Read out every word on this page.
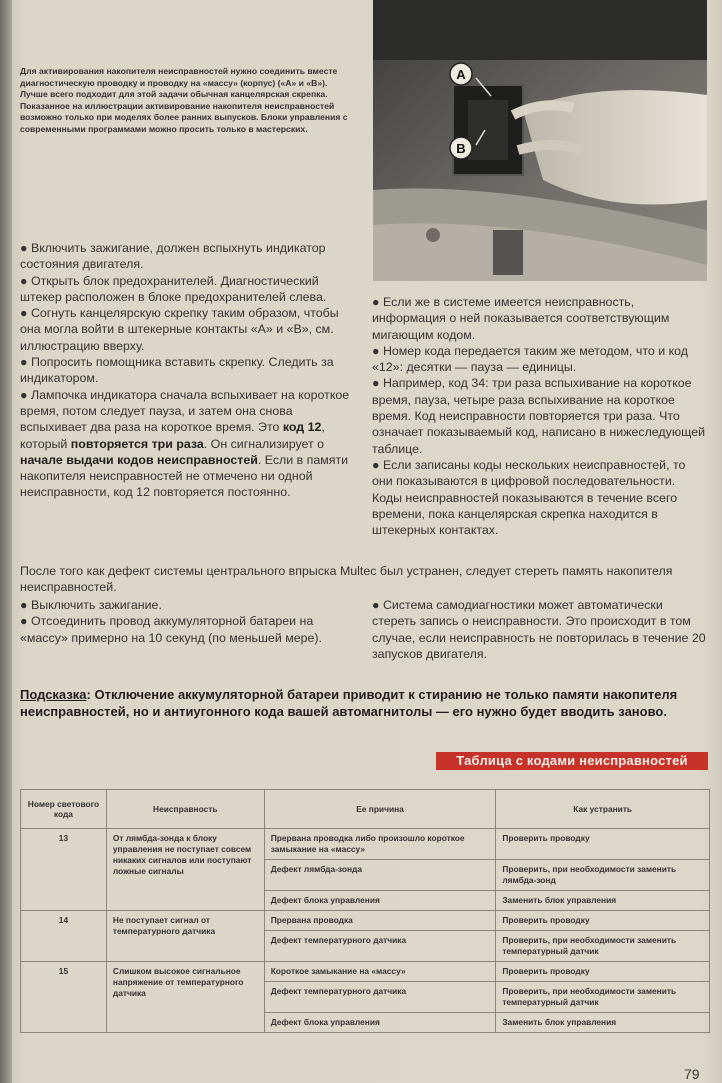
Для активирования накопителя неисправностей нужно соединить вместе диагностическую проводку и проводку на «массу» (корпус) («А» и «В»). Лучше всего подходит для этой задачи обычная канцелярская скрепка. Показанное на иллюстрации активирование накопителя неисправностей возможно только при моделях более ранних выпусков. Блоки управления с современными программами можно просить только в мастерских.
A
B

● Включить зажигание, должен вспыхнуть индикатор состояния двигателя.

● Открыть блок предохранителей. Диагностический штекер расположен в блоке предохранителей слева.

● Согнуть канцелярскую скрепку таким образом, чтобы она могла войти в штекерные контакты «А» и «В», см. иллюстрацию вверху.

● Попросить помощника вставить скрепку. Следить за индикатором.

● Лампочка индикатора сначала вспыхивает на короткое время, потом следует пауза, и затем она снова вспыхивает два раза на короткое время. Это код 12, который повторяется три раза. Он сигнализирует о начале выдачи кодов неисправностей. Если в памяти накопителя неисправностей не отмечено ни одной неисправности, код 12 повторяется постоянно.

● Если же в системе имеется неисправность, информация о ней показывается соответствующим мигающим кодом.

● Номер кода передается таким же методом, что и код «12»: десятки — пауза — единицы.

● Например, код 34: три раза вспыхивание на короткое время, пауза, четыре раза вспыхивание на короткое время. Код неисправности повторяется три раза. Что означает показываемый код, написано в нижеследующей таблице.

● Если записаны коды нескольких неисправностей, то они показываются в цифровой последовательности. Коды неисправностей показываются в течение всего времени, пока канцелярская скрепка находится в штекерных контактах.

После того как дефект системы центрального впрыска Multec был устранен, следует стереть память накопителя неисправностей.

● Выключить зажигание.

● Отсоединить провод аккумуляторной батареи на «массу» примерно на 10 секунд (по меньшей мере).

● Система самодиагностики может автоматически стереть запись о неисправности. Это происходит в том случае, если неисправность не повторилась в течение 20 запусков двигателя.

Подсказка: Отключение аккумуляторной батареи приводит к стиранию не только памяти накопителя неисправностей, но и антиугонного кода вашей автомагнитолы — его нужно будет вводить заново.
Таблица с кодами неисправностей
Номер светового кода	Неисправность	Ее причина	Как устранить
13	От лямбда-зонда к блоку управления не поступает совсем никаких сигналов или поступают ложные сигналы	Прервана проводка либо произошло короткое замыкание на «массу»	Проверить проводку
		Дефект лямбда-зонда	Проверить, при необходимости заменить лямбда-зонд
		Дефект блока управления	Заменить блок управления
14	Не поступает сигнал от температурного датчика	Прервана проводка	Проверить проводку
		Дефект температурного датчика	Проверить, при необходимости заменить температурный датчик
15	Слишком высокое сигнальное напряжение от температурного датчика	Короткое замыкание на «массу»	Проверить проводку
		Дефект температурного датчика	Проверить, при необходимости заменить температурный датчик
		Дефект блока управления	Заменить блок управления
79
